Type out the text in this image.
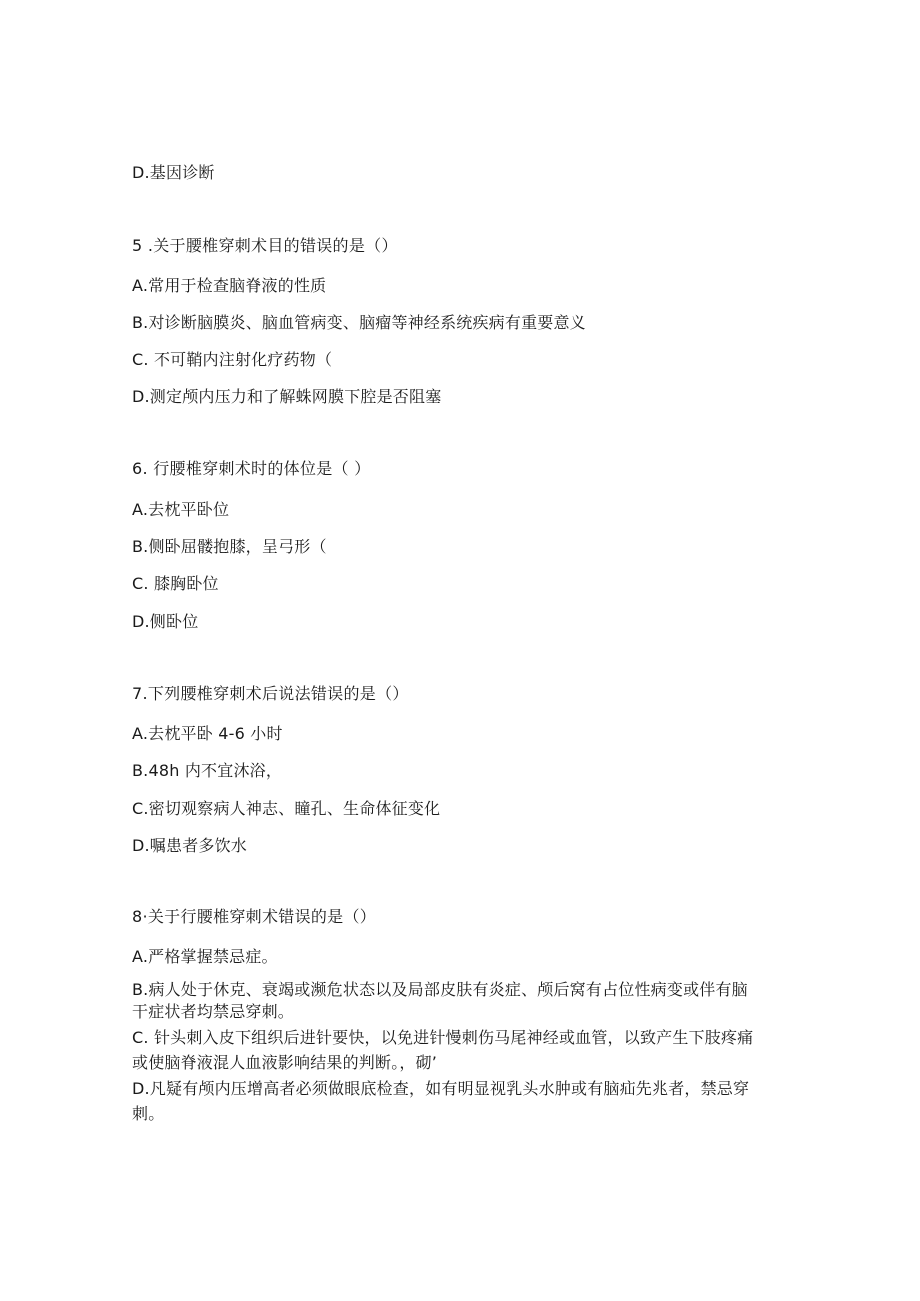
D.基因诊断
5 .关于腰椎穿刺术目的错误的是（）
A.常用于检查脑脊液的性质
B.对诊断脑膜炎、脑血管病变、脑瘤等神经系统疾病有重要意义
C. 不可鞘内注射化疗药物（
D.测定颅内压力和了解蛛网膜下腔是否阻塞
6. 行腰椎穿刺术时的体位是（ ）
A.去枕平卧位
B.侧卧屈髅抱膝，呈弓形（
C. 膝胸卧位
D.侧卧位
7.下列腰椎穿刺术后说法错误的是（）
A.去枕平卧 4-6 小时
B.48h 内不宜沐浴，
C.密切观察病人神志、瞳孔、生命体征变化
D.嘱患者多饮水
8·关于行腰椎穿刺术错误的是（）
A.严格掌握禁忌症。
B.病人处于休克、衰竭或濒危状态以及局部皮肤有炎症、颅后窝有占位性病变或伴有脑
干症状者均禁忌穿刺。
C. 针头刺入皮下组织后进针要快，以免进针慢刺伤马尾神经或血管，以致产生下肢疼痛
或使脑脊液混人血液影响结果的判断。，砌’
D.凡疑有颅内压增高者必须做眼底检查，如有明显视乳头水肿或有脑疝先兆者，禁忌穿
刺。
